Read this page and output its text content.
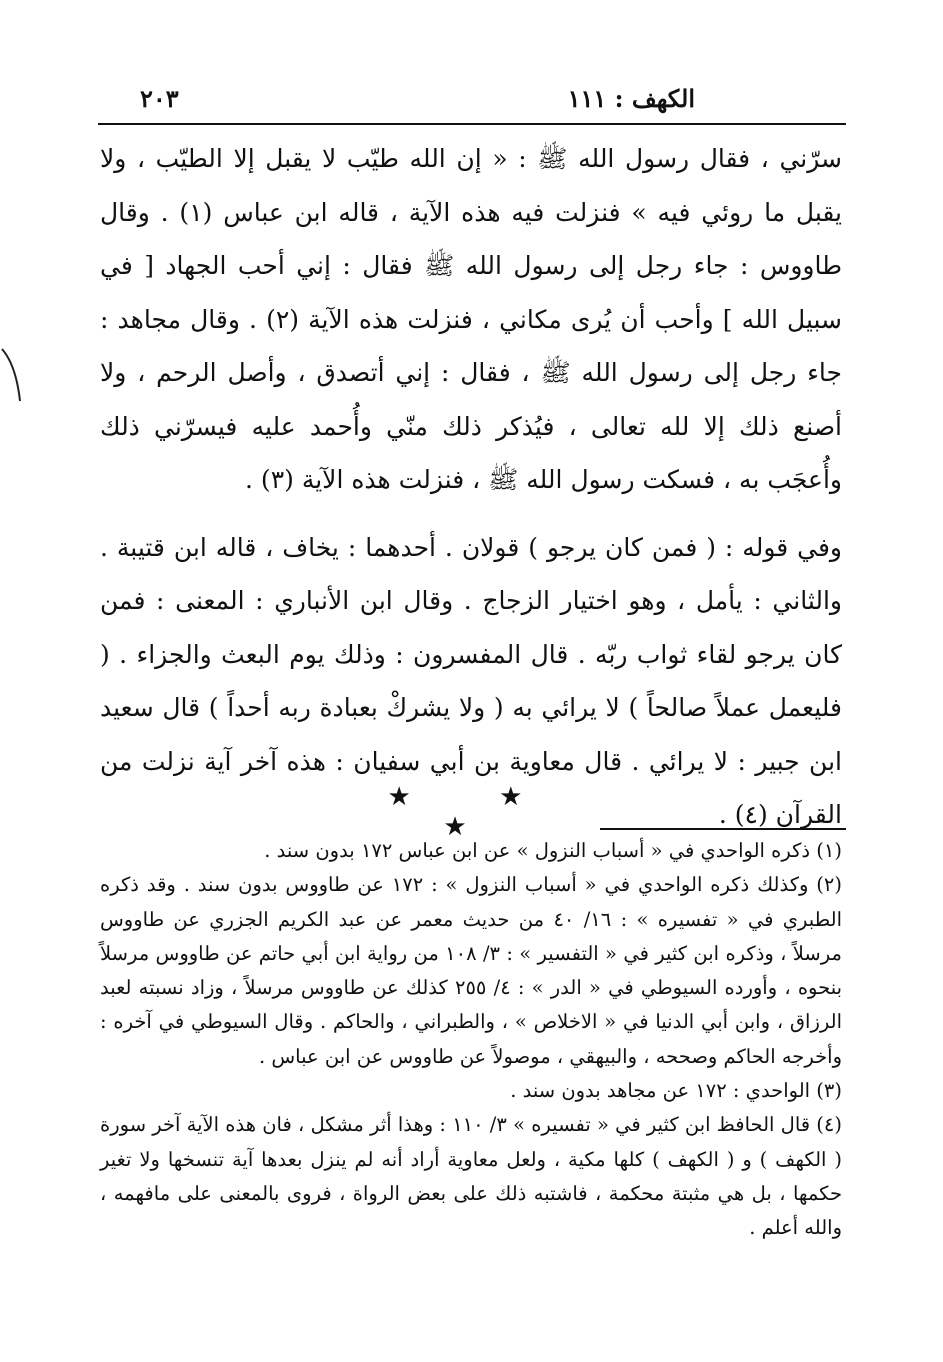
الكهف : ١١١
٢٠٣

سرّني ، فقال رسول الله ﷺ : « إن الله طيّب لا يقبل إلا الطيّب ، ولا يقبل ما روئي فيه » فنزلت فيه هذه الآية ، قاله ابن عباس (١) . وقال طاووس : جاء رجل إلى رسول الله ﷺ فقال : إني أحب الجهاد [ في سبيل الله ] وأحب أن يُرى مكاني ، فنزلت هذه الآية (٢) . وقال مجاهد : جاء رجل إلى رسول الله ﷺ ، فقال : إني أتصدق ، وأصل الرحم ، ولا أصنع ذلك إلا لله تعالى ، فيُذكر ذلك منّي وأُحمد عليه فيسرّني ذلك وأُعجَب به ، فسكت رسول الله ﷺ ، فنزلت هذه الآية (٣) .

وفي قوله : ( فمن كان يرجو ) قولان . أحدهما : يخاف ، قاله ابن قتيبة . والثاني : يأمل ، وهو اختيار الزجاج . وقال ابن الأنباري : المعنى : فمن كان يرجو لقاء ثواب ربّه . قال المفسرون : وذلك يوم البعث والجزاء . ( فليعمل عملاً صالحاً ) لا يرائي به ( ولا يشركْ بعبادة ربه أحداً ) قال سعيد ابن جبير : لا يرائي . قال معاوية بن أبي سفيان : هذه آخر آية نزلت من القرآن (٤) .

★ ★ ★

(١) ذكره الواحدي في « أسباب النزول » عن ابن عباس ١٧٢ بدون سند .

(٢) وكذلك ذكره الواحدي في « أسباب النزول » : ١٧٢ عن طاووس بدون سند . وقد ذكره الطبري في « تفسيره » : ١٦/ ٤٠ من حديث معمر عن عبد الكريم الجزري عن طاووس مرسلاً ، وذكره ابن كثير في « التفسير » : ٣/ ١٠٨ من رواية ابن أبي حاتم عن طاووس مرسلاً بنحوه ، وأورده السيوطي في « الدر » : ٤/ ٢٥٥ كذلك عن طاووس مرسلاً ، وزاد نسبته لعبد الرزاق ، وابن أبي الدنيا في « الاخلاص » ، والطبراني ، والحاكم . وقال السيوطي في آخره : وأخرجه الحاكم وصححه ، والبيهقي ، موصولاً عن طاووس عن ابن عباس .

(٣) الواحدي : ١٧٢ عن مجاهد بدون سند .

(٤) قال الحافظ ابن كثير في « تفسيره » ٣/ ١١٠ : وهذا أثر مشكل ، فان هذه الآية آخر سورة ( الكهف ) و ( الكهف ) كلها مكية ، ولعل معاوية أراد أنه لم ينزل بعدها آية تنسخها ولا تغير حكمها ، بل هي مثبتة محكمة ، فاشتبه ذلك على بعض الرواة ، فروى بالمعنى على مافهمه ، والله أعلم .
